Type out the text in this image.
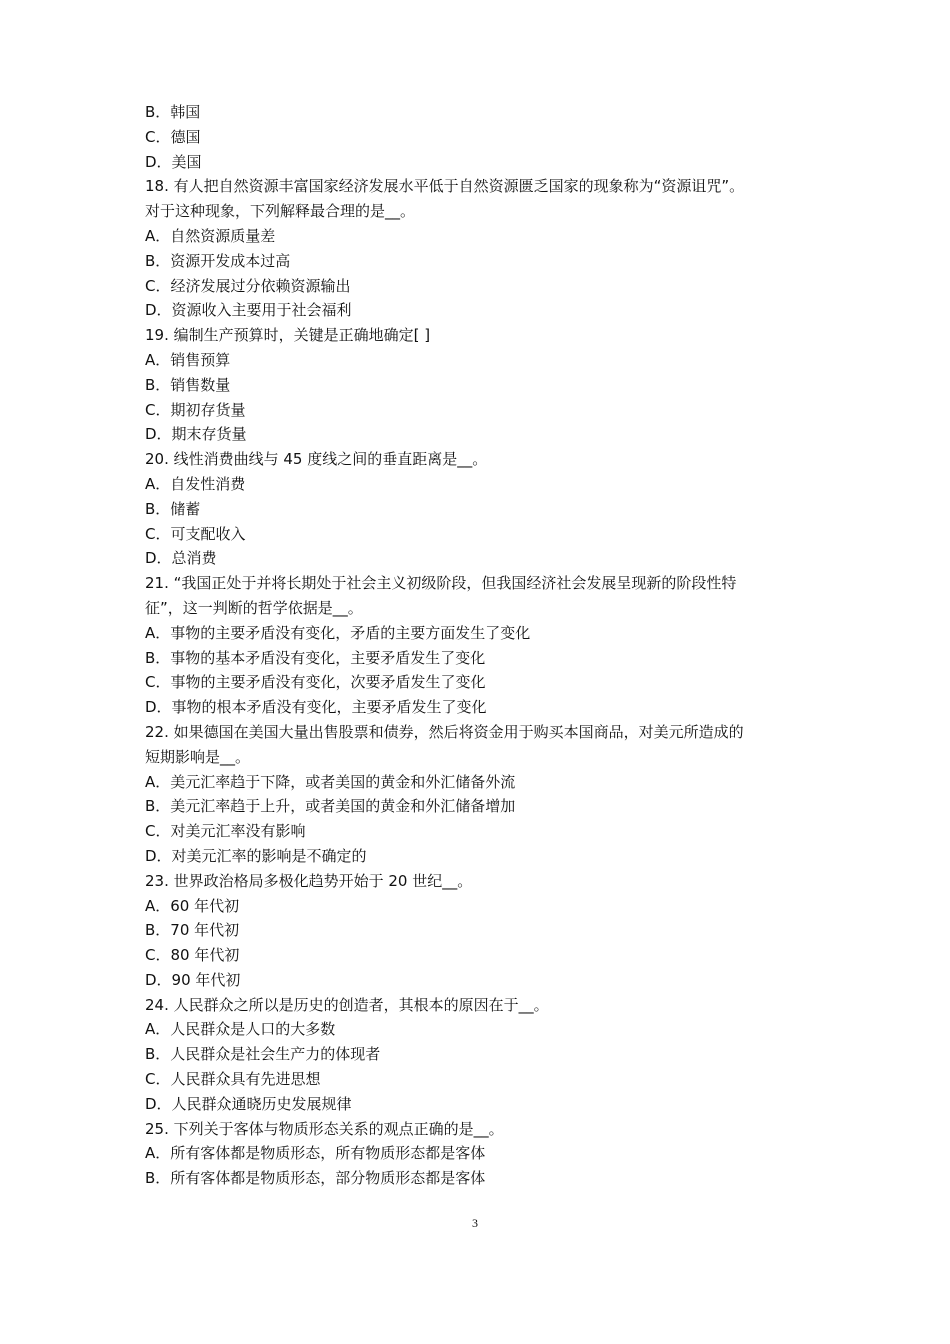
B．韩国
C．德国
D．美国
18. 有人把自然资源丰富国家经济发展水平低于自然资源匮乏国家的现象称为“资源诅咒”。
对于这种现象，下列解释最合理的是__。
A．自然资源质量差
B．资源开发成本过高
C．经济发展过分依赖资源输出
D．资源收入主要用于社会福利
19. 编制生产预算时，关键是正确地确定[ ]
A．销售预算
B．销售数量
C．期初存货量
D．期末存货量
20. 线性消费曲线与 45 度线之间的垂直距离是__。
A．自发性消费
B．储蓄
C．可支配收入
D．总消费
21. “我国正处于并将长期处于社会主义初级阶段，但我国经济社会发展呈现新的阶段性特
征”，这一判断的哲学依据是__。
A．事物的主要矛盾没有变化，矛盾的主要方面发生了变化
B．事物的基本矛盾没有变化，主要矛盾发生了变化
C．事物的主要矛盾没有变化，次要矛盾发生了变化
D．事物的根本矛盾没有变化，主要矛盾发生了变化
22. 如果德国在美国大量出售股票和债券，然后将资金用于购买本国商品，对美元所造成的
短期影响是__。
A．美元汇率趋于下降，或者美国的黄金和外汇储备外流
B．美元汇率趋于上升，或者美国的黄金和外汇储备增加
C．对美元汇率没有影响
D．对美元汇率的影响是不确定的
23. 世界政治格局多极化趋势开始于 20 世纪__。
A．60 年代初
B．70 年代初
C．80 年代初
D．90 年代初
24. 人民群众之所以是历史的创造者，其根本的原因在于__。
A．人民群众是人口的大多数
B．人民群众是社会生产力的体现者
C．人民群众具有先进思想
D．人民群众通晓历史发展规律
25. 下列关于客体与物质形态关系的观点正确的是__。
A．所有客体都是物质形态，所有物质形态都是客体
B．所有客体都是物质形态，部分物质形态都是客体
3
